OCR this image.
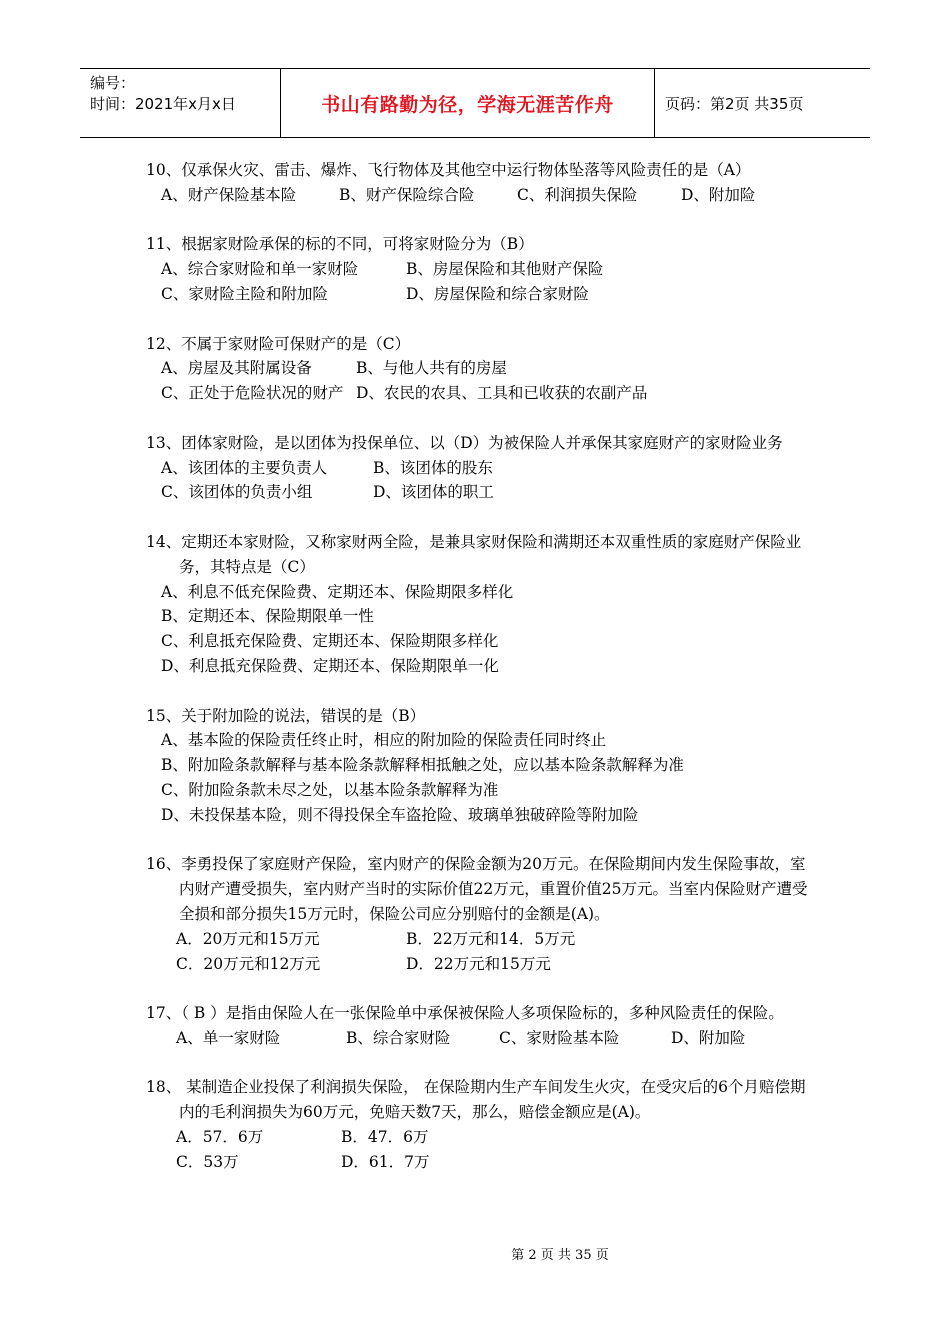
编号：
时间：2021年x月x日	书山有路勤为径，学海无涯苦作舟	页码：第2页 共35页
10、仅承保火灾、雷击、爆炸、飞行物体及其他空中运行物体坠落等风险责任的是（A）
A、财产保险基本险	B、财产保险综合险	C、利润损失保险	D、附加险
11、根据家财险承保的标的不同，可将家财险分为（B）
A、综合家财险和单一家财险	B、房屋保险和其他财产保险
C、家财险主险和附加险	D、房屋保险和综合家财险
12、不属于家财险可保财产的是（C）
A、房屋及其附属设备	B、与他人共有的房屋
C、正处于危险状况的财产 D、农民的农具、工具和已收获的农副产品
13、团体家财险，是以团体为投保单位、以（D）为被保险人并承保其家庭财产的家财险业务
A、该团体的主要负责人	B、该团体的股东
C、该团体的负责小组	D、该团体的职工
14、定期还本家财险，又称家财两全险，是兼具家财保险和满期还本双重性质的家庭财产保险业务，其特点是（C）
A、利息不低充保险费、定期还本、保险期限多样化
B、定期还本、保险期限单一性
C、利息抵充保险费、定期还本、保险期限多样化
D、利息抵充保险费、定期还本、保险期限单一化
15、关于附加险的说法，错误的是（B）
A、基本险的保险责任终止时，相应的附加险的保险责任同时终止
B、附加险条款解释与基本险条款解释相抵触之处，应以基本险条款解释为准
C、附加险条款未尽之处，以基本险条款解释为准
D、未投保基本险，则不得投保全车盗抢险、玻璃单独破碎险等附加险
16、李勇投保了家庭财产保险，室内财产的保险金额为20万元。在保险期间内发生保险事故，室内财产遭受损失，室内财产当时的实际价值22万元，重置价值25万元。当室内保险财产遭受全损和部分损失15万元时，保险公司应分别赔付的金额是(A)。
A．20万元和15万元	B．22万元和14．5万元
C．20万元和12万元	D．22万元和15万元
17、（ B ）是指由保险人在一张保险单中承保被保险人多项保险标的，多种风险责任的保险。
A、单一家财险	B、综合家财险	C、家财险基本险	D、附加险
18、 某制造企业投保了利润损失保险， 在保险期内生产车间发生火灾，在受灾后的6个月赔偿期内的毛利润损失为60万元，免赔天数7天，那么，赔偿金额应是(A)。
A．57．6万	B．47．6万
C．53万	D．61．7万
第 2 页 共 35 页
